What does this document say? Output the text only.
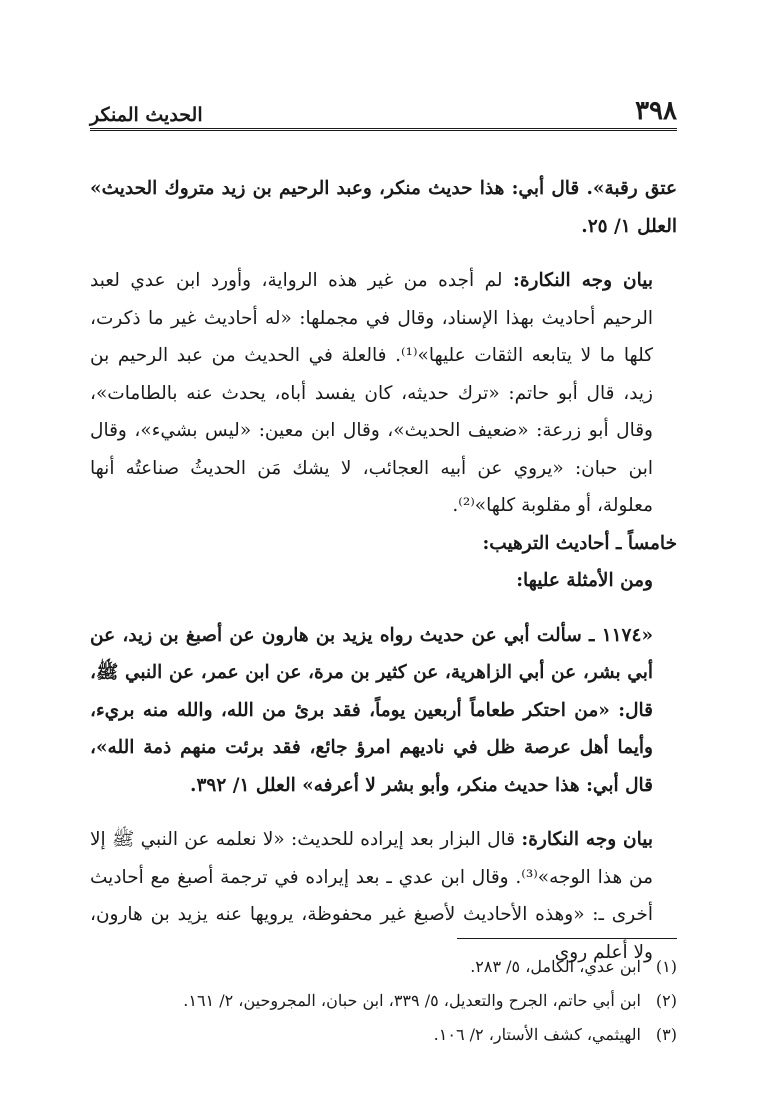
٣٩٨
الحديث المنكر

عتق رقبة». قال أبي: هذا حديث منكر، وعبد الرحيم بن زيد متروك الحديث» العلل ١/ ٢٥.

بيان وجه النكارة: لم أجده من غير هذه الرواية، وأورد ابن عدي لعبد الرحيم أحاديث بهذا الإسناد، وقال في مجملها: «له أحاديث غير ما ذكرت، كلها ما لا يتابعه الثقات عليها»⁽¹⁾. فالعلة في الحديث من عبد الرحيم بن زيد، قال أبو حاتم: «ترك حديثه، كان يفسد أباه، يحدث عنه بالطامات»، وقال أبو زرعة: «ضعيف الحديث»، وقال ابن معين: «ليس بشيء»، وقال ابن حبان: «يروي عن أبيه العجائب، لا يشك مَن الحديثُ صناعتُه أنها معلولة، أو مقلوبة كلها»⁽²⁾.

خامساً ـ أحاديث الترهيب:

ومن الأمثلة عليها:

«١١٧٤ ـ سألت أبي عن حديث رواه يزيد بن هارون عن أصبغ بن زيد، عن أبي بشر، عن أبي الزاهرية، عن كثير بن مرة، عن ابن عمر، عن النبي ﷺ، قال: «من احتكر طعاماً أربعين يوماً، فقد برئ من الله، والله منه بريء، وأيما أهل عرصة ظل في ناديهم امرؤ جائع، فقد برئت منهم ذمة الله»، قال أبي: هذا حديث منكر، وأبو بشر لا أعرفه» العلل ١/ ٣٩٢.

بيان وجه النكارة: قال البزار بعد إيراده للحديث: «لا نعلمه عن النبي ﷺ إلا من هذا الوجه»⁽³⁾. وقال ابن عدي ـ بعد إيراده في ترجمة أصبغ مع أحاديث أخرى ـ: «وهذه الأحاديث لأصبغ غير محفوظة، يرويها عنه يزيد بن هارون، ولا أعلم روى

(١)
ابن عدي، الكامل، ٥/ ٢٨٣.
(٢)
ابن أبي حاتم، الجرح والتعديل، ٥/ ٣٣٩، ابن حبان، المجروحين، ٢/ ١٦١.
(٣)
الهيثمي، كشف الأستار، ٢/ ١٠٦.
